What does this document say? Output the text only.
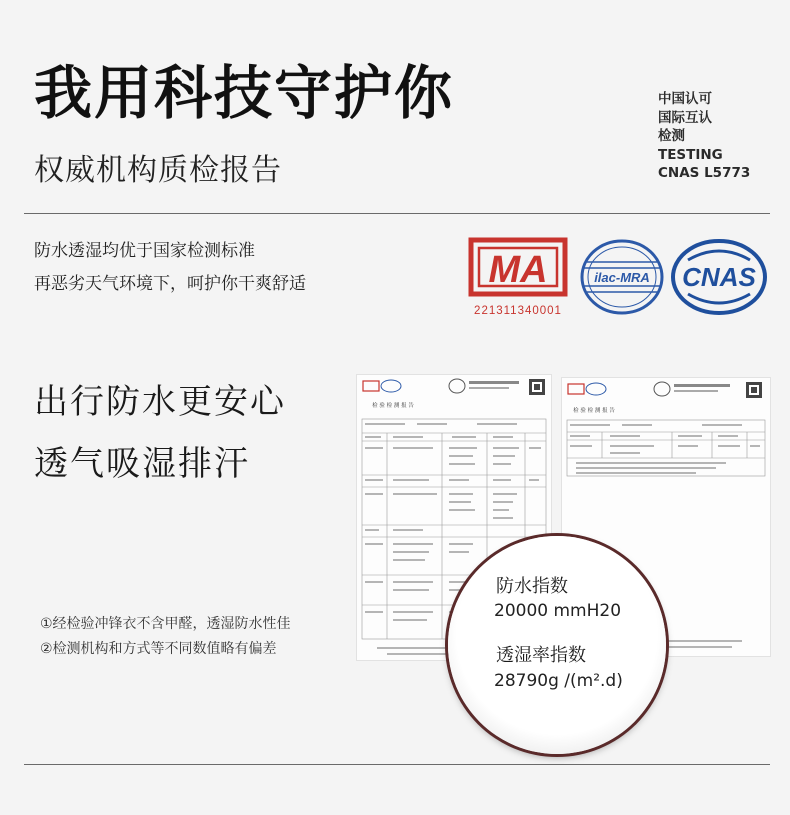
我用科技守护你
权威机构质检报告
中国认可
国际互认
检测
TESTING
CNAS L5773
防水透湿均优于国家检测标准
再恶劣天气环境下，呵护你干爽舒适	MA
221311340001
ilac-MRA CNAS
出行防水更安心
透气吸湿排汗
①经检验冲锋衣不含甲醛，透湿防水性佳
②检测机构和方式等不同数值略有偏差
检 验 检 测 报 告
检 验 检 测 报 告
防水指数
20000 mmH20
透湿率指数
28790g /(m².d)
